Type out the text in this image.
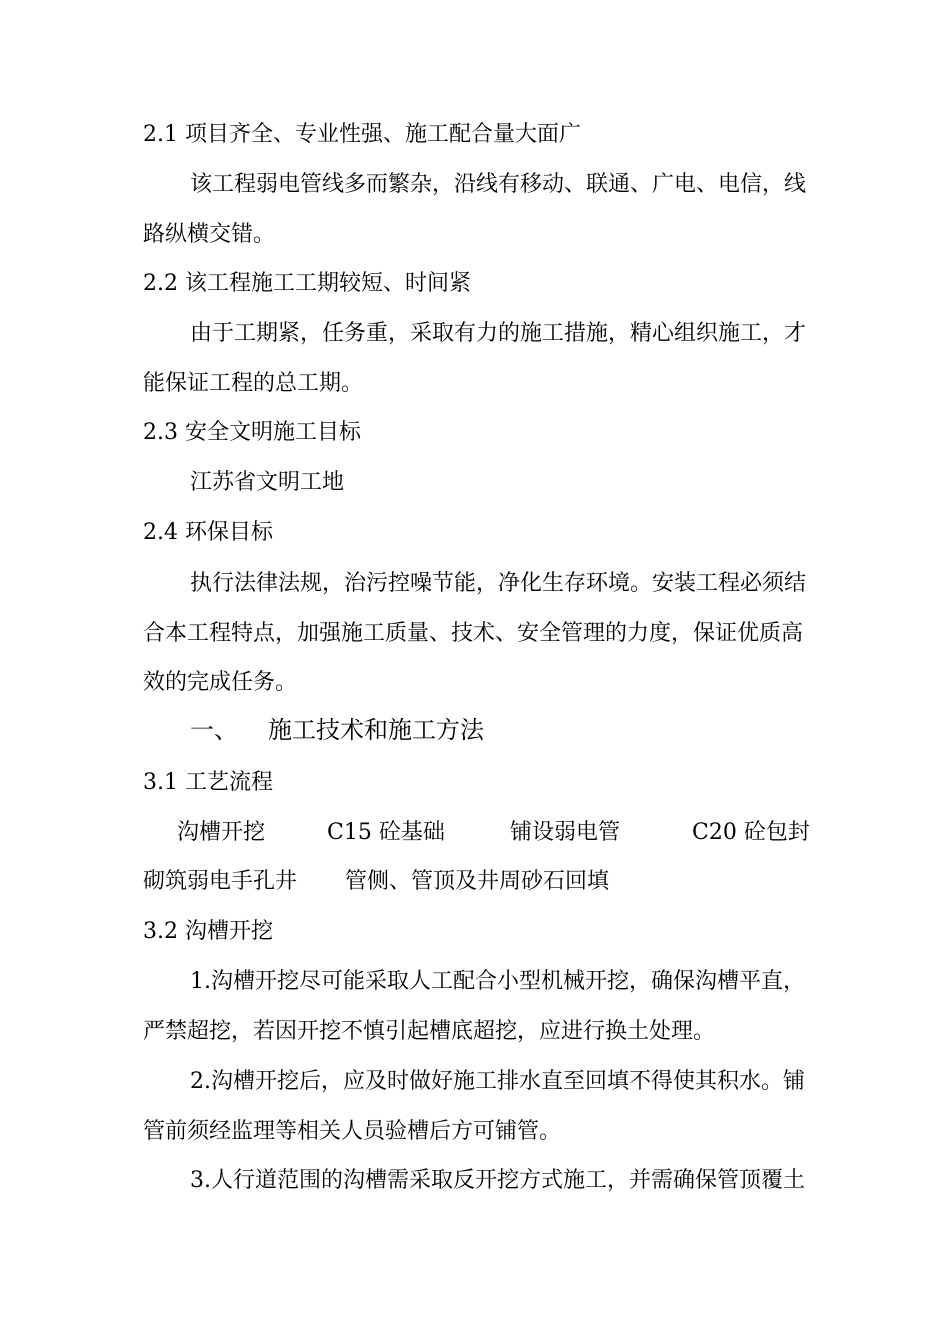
2.1 项目齐全、专业性强、施工配合量大面广
该工程弱电管线多而繁杂，沿线有移动、联通、广电、电信，线
路纵横交错。
2.2 该工程施工工期较短、时间紧
由于工期紧，任务重，采取有力的施工措施，精心组织施工，才
能保证工程的总工期。
2.3 安全文明施工目标
江苏省文明工地
2.4 环保目标
执行法律法规，治污控噪节能，净化生存环境。安装工程必须结
合本工程特点，加强施工质量、技术、安全管理的力度，保证优质高
效的完成任务。
一、	施工技术和施工方法
3.1 工艺流程
沟槽开挖	C15 砼基础	铺设弱电管	C20 砼包封
砌筑弱电手孔井 管侧、管顶及井周砂石回填
3.2 沟槽开挖
1.沟槽开挖尽可能采取人工配合小型机械开挖，确保沟槽平直，
严禁超挖，若因开挖不慎引起槽底超挖，应进行换土处理。
2.沟槽开挖后，应及时做好施工排水直至回填不得使其积水。铺
管前须经监理等相关人员验槽后方可铺管。
3.人行道范围的沟槽需采取反开挖方式施工，并需确保管顶覆土
